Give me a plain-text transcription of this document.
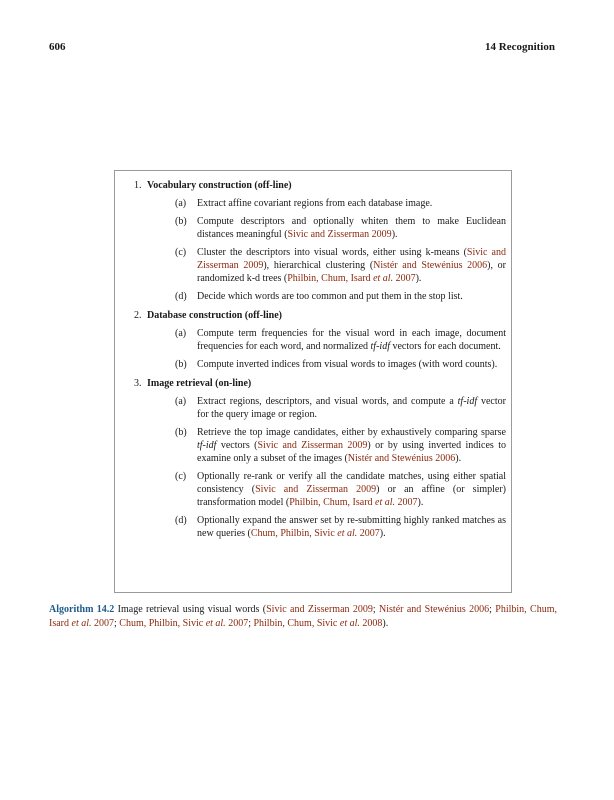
606	14 Recognition
1. Vocabulary construction (off-line)
(a) Extract affine covariant regions from each database image.
(b) Compute descriptors and optionally whiten them to make Euclidean distances meaningful (Sivic and Zisserman 2009).
(c) Cluster the descriptors into visual words, either using k-means (Sivic and Zisserman 2009), hierarchical clustering (Nistér and Stewénius 2006), or randomized k-d trees (Philbin, Chum, Isard et al. 2007).
(d) Decide which words are too common and put them in the stop list.
2. Database construction (off-line)
(a) Compute term frequencies for the visual word in each image, document frequencies for each word, and normalized tf-idf vectors for each document.
(b) Compute inverted indices from visual words to images (with word counts).
3. Image retrieval (on-line)
(a) Extract regions, descriptors, and visual words, and compute a tf-idf vector for the query image or region.
(b) Retrieve the top image candidates, either by exhaustively comparing sparse tf-idf vectors (Sivic and Zisserman 2009) or by using inverted indices to examine only a subset of the images (Nistér and Stewénius 2006).
(c) Optionally re-rank or verify all the candidate matches, using either spatial consistency (Sivic and Zisserman 2009) or an affine (or simpler) transformation model (Philbin, Chum, Isard et al. 2007).
(d) Optionally expand the answer set by re-submitting highly ranked matches as new queries (Chum, Philbin, Sivic et al. 2007).
Algorithm 14.2 Image retrieval using visual words (Sivic and Zisserman 2009; Nistér and Stewénius 2006; Philbin, Chum, Isard et al. 2007; Chum, Philbin, Sivic et al. 2007; Philbin, Chum, Sivic et al. 2008).
